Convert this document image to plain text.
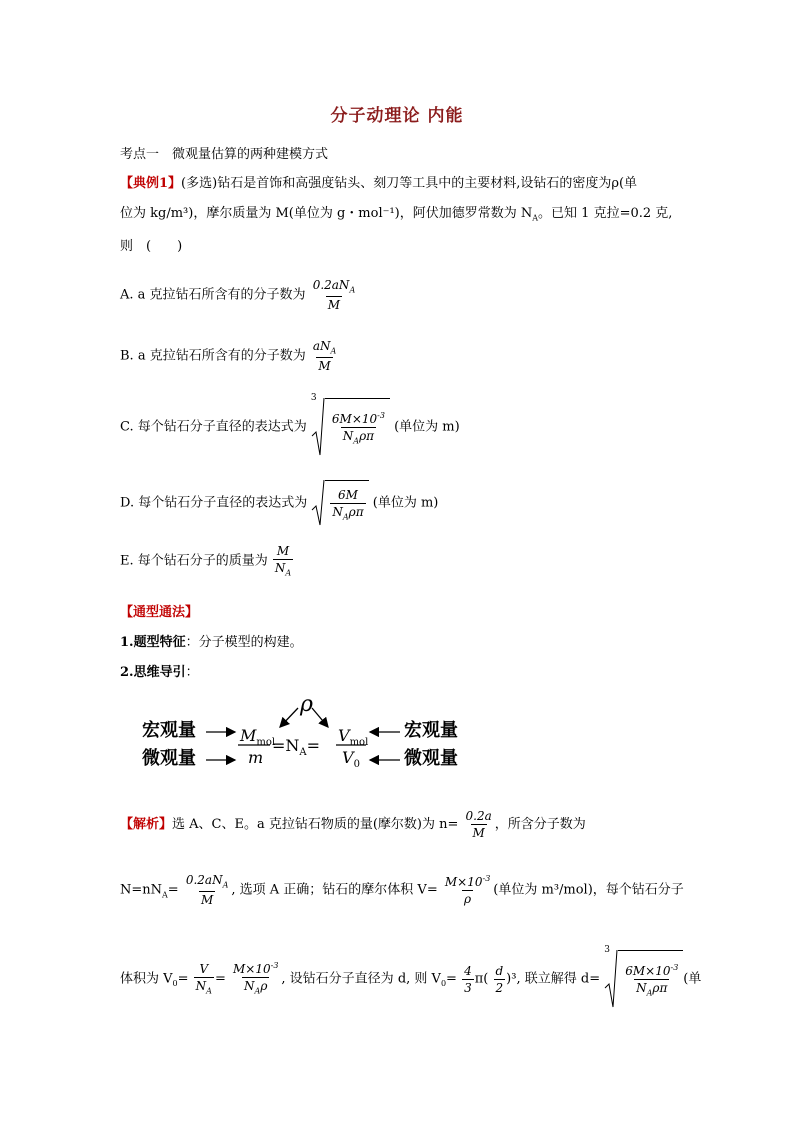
分子动理论 内能
考点一　微观量估算的两种建模方式
【典例1】(多选)钻石是首饰和高强度钻头、刻刀等工具中的主要材料,设钻石的密度为ρ(单
位为 kg/m³)，摩尔质量为 M(单位为 g・mol⁻¹)，阿伏加德罗常数为 $N_A$。已知 1 克拉=0.2 克,
则　(　　)
A. a 克拉钻石所含有的分子数为 $\frac{0.2aN_A}{M}$
B. a 克拉钻石所含有的分子数为 $\frac{aN_A}{M}$
C. 每个钻石分子直径的表达式为
3
$\frac{6M\times 10^{-3}}{N_A\rho\pi}$ (单位为 m)
D. 每个钻石分子直径的表达式为 $\frac{6M}{N_A\rho\pi}$ (单位为 m)
E. 每个钻石分子的质量为 $\frac{M}{N_A}$
【通型通法】
1.题型特征：分子模型的构建。
2.思维导引：
宏观量
微观量
ρ
$M_{mol}$
m
$=N_A=$
$V_{mol}$
$V_0$
宏观量
微观量
【解析】选 A、C、E。a 克拉钻石物质的量(摩尔数)为 $n= \frac{0.2a}{M}$ ，所含分子数为
$N=nN_A= \frac{0.2aN_A}{M}$ , 选项 A 正确；钻石的摩尔体积 $V= \frac{M\times 10^{-3}}{\rho}$ (单位为 m³/mol)，每个钻石分子
体积为 $V_0= \frac{V}{N_A} = \frac{M\times 10^{-3}}{N_A\rho}$ , 设钻石分子直径为 d, 则 $V_0= \frac{4}{3} \pi( \frac{d}{2} )^3$, 联立解得 d=
3
$\frac{6M\times 10^{-3}}{N_A\rho\pi}$ (单
